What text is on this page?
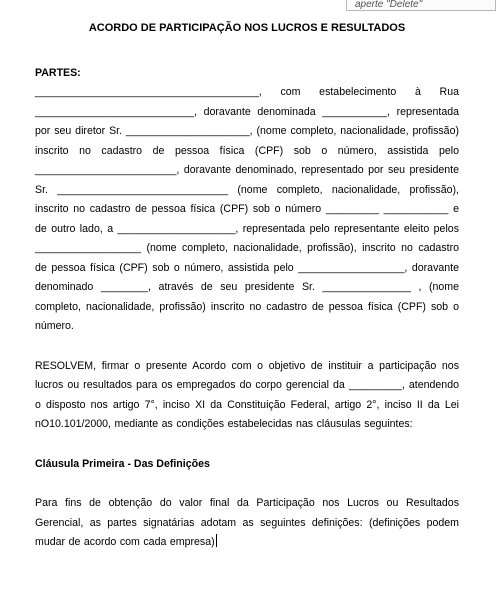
aperte "Delete"

ACORDO DE PARTICIPAÇÃO NOS LUCROS E RESULTADOS

PARTES:

______________________________________, com estabelecimento à Rua ___________________________, doravante denominada ___________, representada por seu diretor Sr. _____________________, (nome completo, nacionalidade, profissão) inscrito no cadastro de pessoa física (CPF) sob o número, assistida pelo ________________________, doravante denominado, representado por seu presidente Sr. _____________________________ (nome completo, nacionalidade, profissão), inscrito no cadastro de pessoa física (CPF) sob o número _________ ___________ e de outro lado, a ____________________, representada pelo representante eleito pelos __________________ (nome completo, nacionalidade, profissão), inscrito no cadastro de pessoa física (CPF) sob o número, assistida pelo __________________, doravante denominado ________, através de seu presidente Sr. _______________ , (nome completo, nacionalidade, profissão) inscrito no cadastro de pessoa física (CPF) sob o número.

RESOLVEM, firmar o presente Acordo com o objetivo de instituir a participação nos lucros ou resultados para os empregados do corpo gerencial da _________, atendendo o disposto nos artigo 7°, inciso XI da Constituição Federal, artigo 2°, inciso II da Lei nO10.101/2000, mediante as condições estabelecidas nas cláusulas seguintes:

Cláusula Primeira - Das Definições

Para fins de obtenção do valor final da Participação nos Lucros ou Resultados Gerencial, as partes signatárias adotam as seguintes definições: (definições podem mudar de acordo com cada empresa)
